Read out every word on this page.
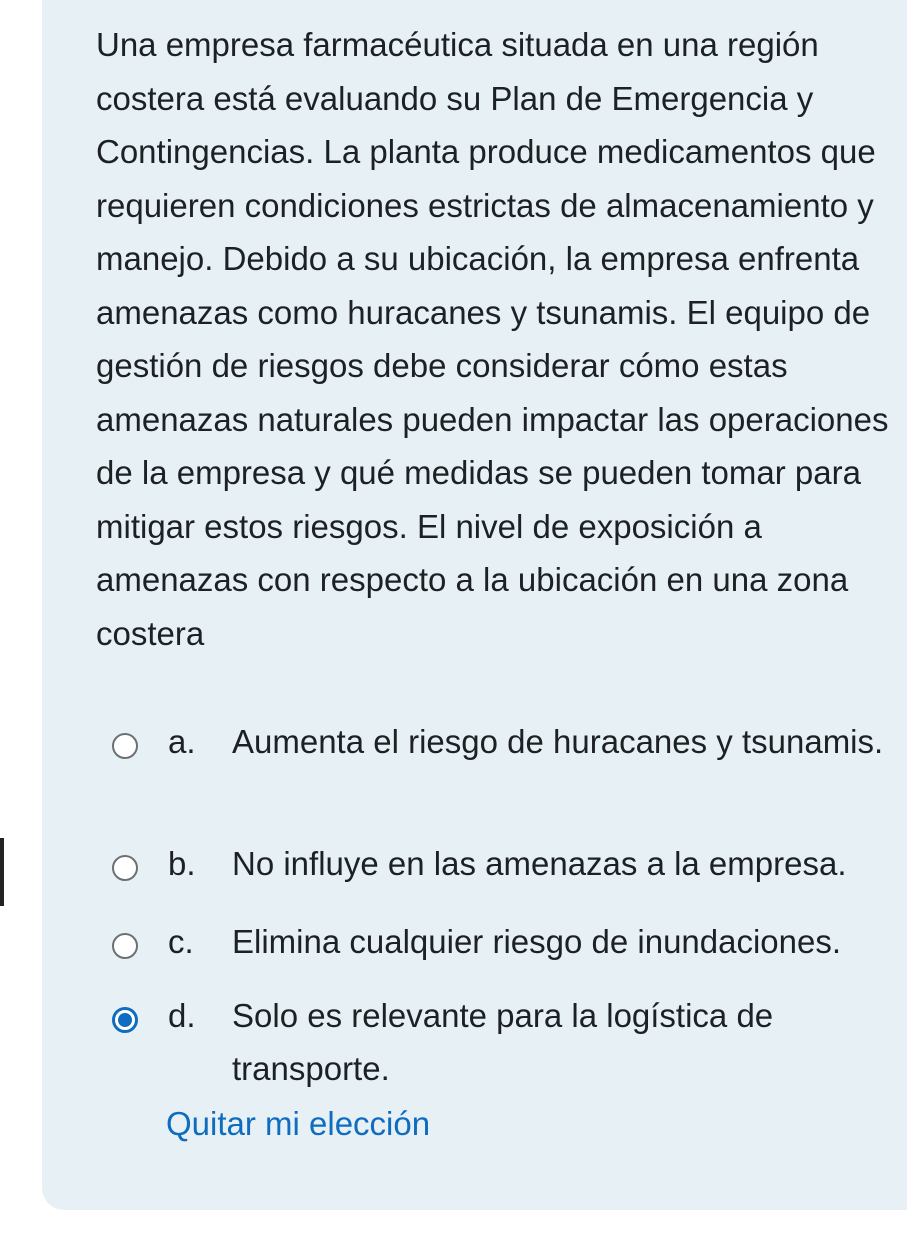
Una empresa farmacéutica situada en una región costera está evaluando su Plan de Emergencia y Contingencias. La planta produce medicamentos que requieren condiciones estrictas de almacenamiento y manejo. Debido a su ubicación, la empresa enfrenta amenazas como huracanes y tsunamis. El equipo de gestión de riesgos debe considerar cómo estas amenazas naturales pueden impactar las operaciones de la empresa y qué medidas se pueden tomar para mitigar estos riesgos. El nivel de exposición a amenazas con respecto a la ubicación en una zona costera

a.	Aumenta el riesgo de huracanes y tsunamis.
b.	No influye en las amenazas a la empresa.
c.	Elimina cualquier riesgo de inundaciones.
d.	Solo es relevante para la logística de transporte.
Quitar mi elección
